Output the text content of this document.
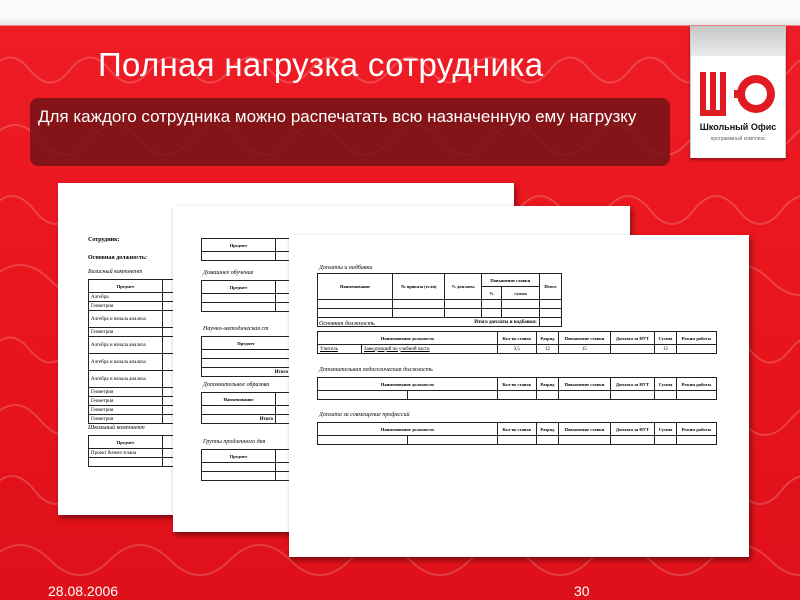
Полная нагрузка сотрудника
Для каждого сотрудника можно распечатать всю назначенную ему нагрузку
Школьный Офис
программный комплекс
Сотрудник:
Основная должность:
Базисный компонент
Предмет	
Алгебра	
Геометрия	
Алгебра и начала анализа	
Геометрия	
Алгебра и начала анализа	
Алгебра и начала анализа	
Алгебра и начала анализа	
Геометрия	
Геометрия	
Геометрия	
Геометрия	
Школьный компонент
Предмет	
Проект бизнес-плана	

Предмет	

Домашнее обучение
Предмет	

Научно-методическая ст
Предмет

Итого
Дополнительное образова
Наименование	

Итого	
Группы продленного дня
Предмет	

Доплаты и надбавки
Наименование	№ приказа (если)	% доплаты	Повышение ставки		Итого
			%	сумма	

Итого доплаты и надбавки:					
Основная должность
Наименование должности		Кол-во ставок	Разряд	Повышение ставки	Доплата за НУТ	Сумма	Режим работы
Учитель	Заведующий по учебной части	3,5	12	15		15	
Дополнительная педагогическая должность
Наименование должности		Кол-во ставок	Разряд	Повышение ставки	Доплата за НУТ	Сумма	Режим работы

Доплата за совмещение профессий
Наименование должности		Кол-во ставок	Разряд	Повышение ставки	Доплата за НУТ	Сумма	Режим работы

28.08.2006	30
